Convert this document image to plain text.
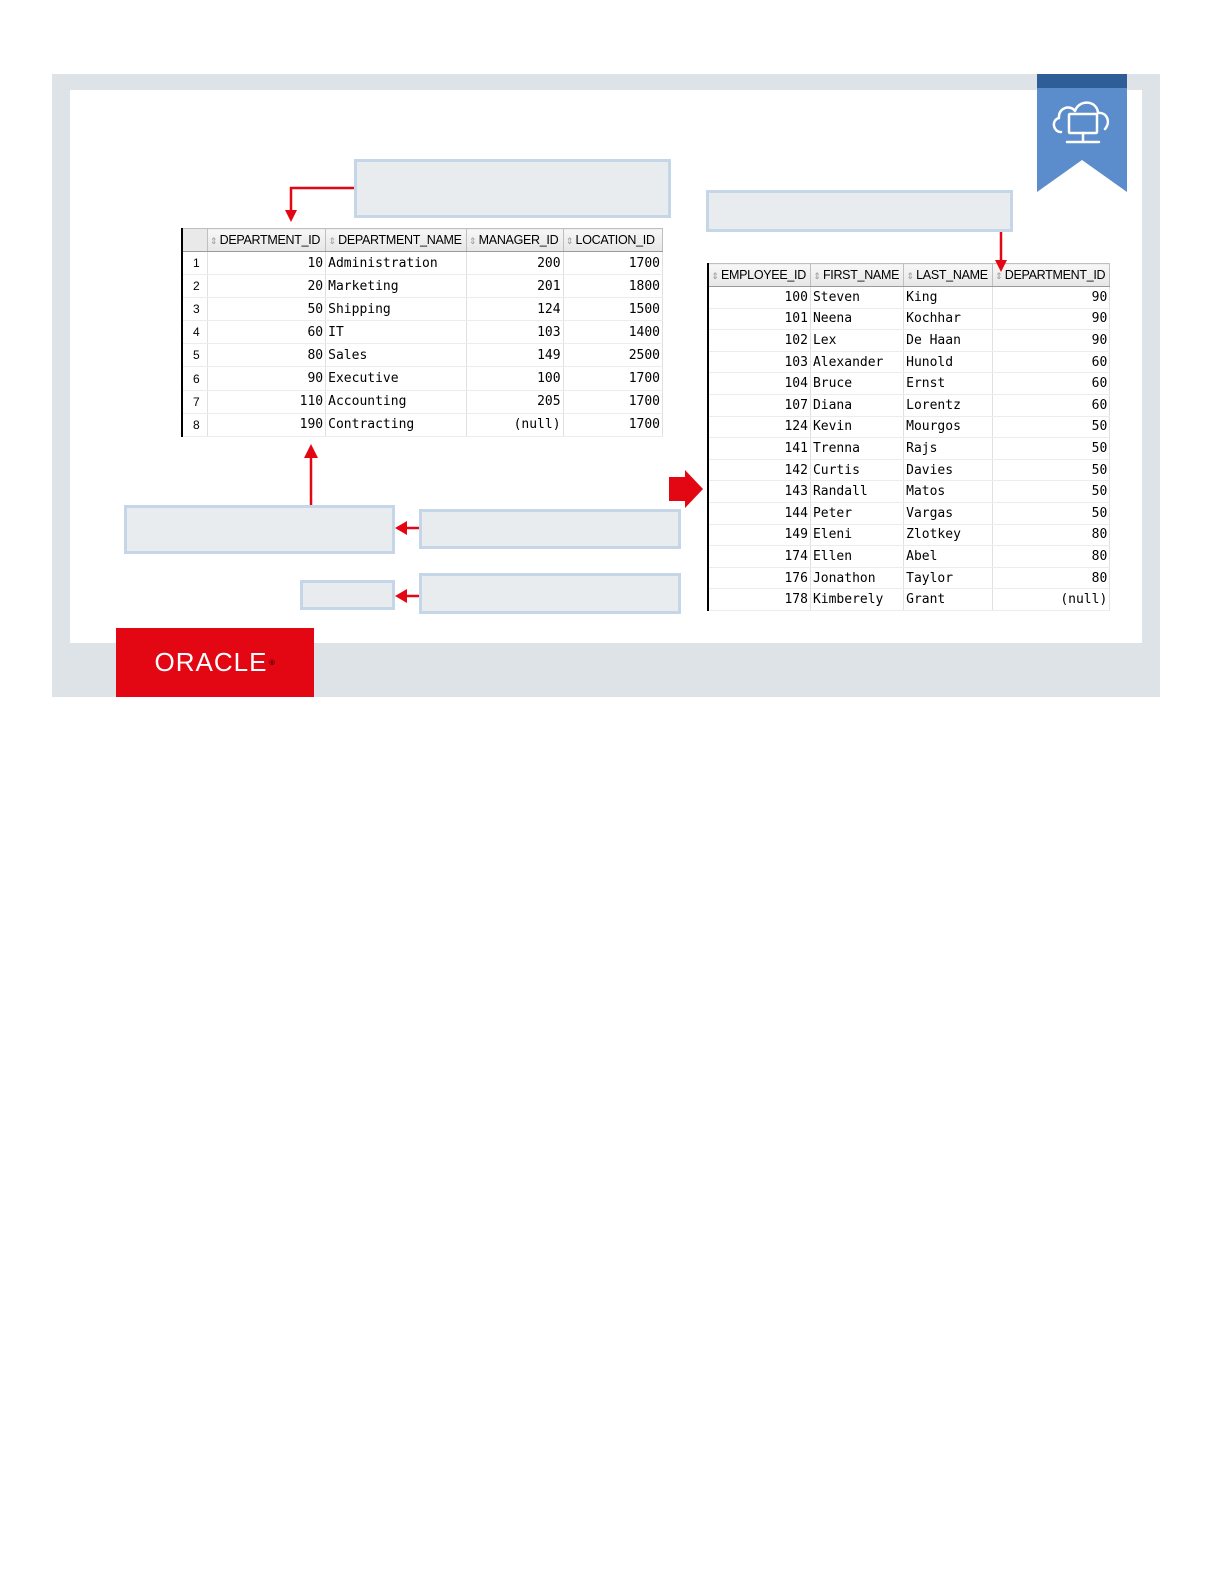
	⇕ DEPARTMENT_ID	⇕ DEPARTMENT_NAME	⇕ MANAGER_ID	⇕ LOCATION_ID
1	10	Administration	200	1700
2	20	Marketing	201	1800
3	50	Shipping	124	1500
4	60	IT	103	1400
5	80	Sales	149	2500
6	90	Executive	100	1700
7	110	Accounting	205	1700
8	190	Contracting	(null)	1700
⇕ EMPLOYEE_ID	⇕ FIRST_NAME	⇕ LAST_NAME	⇕ DEPARTMENT_ID
100	Steven	King	90
101	Neena	Kochhar	90
102	Lex	De Haan	90
103	Alexander	Hunold	60
104	Bruce	Ernst	60
107	Diana	Lorentz	60
124	Kevin	Mourgos	50
141	Trenna	Rajs	50
142	Curtis	Davies	50
143	Randall	Matos	50
144	Peter	Vargas	50
149	Eleni	Zlotkey	80
174	Ellen	Abel	80
176	Jonathon	Taylor	80
178	Kimberely	Grant	(null)
ORACLE ®
